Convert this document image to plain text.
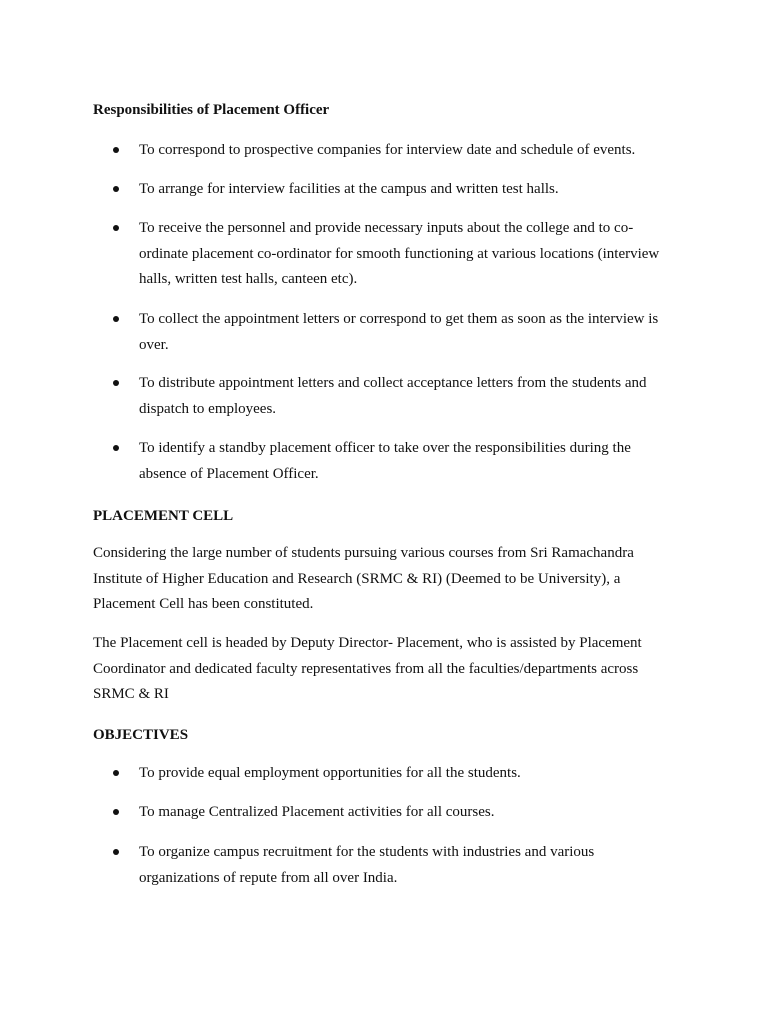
Responsibilities of Placement Officer
To correspond to prospective companies for interview date and schedule of events.
To arrange for interview facilities at the campus and written test halls.
To receive the personnel and provide necessary inputs about the college and to co-ordinate placement co-ordinator for smooth functioning at various locations (interview halls, written test halls, canteen etc).
To collect the appointment letters or correspond to get them as soon as the interview is over.
To distribute appointment letters and collect acceptance letters from the students and dispatch to employees.
To identify a standby placement officer to take over the responsibilities during the absence of Placement Officer.
PLACEMENT CELL

Considering the large number of students pursuing various courses from Sri Ramachandra Institute of Higher Education and Research (SRMC & RI) (Deemed to be University), a Placement Cell has been constituted.

The Placement cell is headed by Deputy Director- Placement, who is assisted by Placement Coordinator and dedicated faculty representatives from all the faculties/departments across SRMC & RI

OBJECTIVES
To provide equal employment opportunities for all the students.
To manage Centralized Placement activities for all courses.
To organize campus recruitment for the students with industries and various organizations of repute from all over India.
